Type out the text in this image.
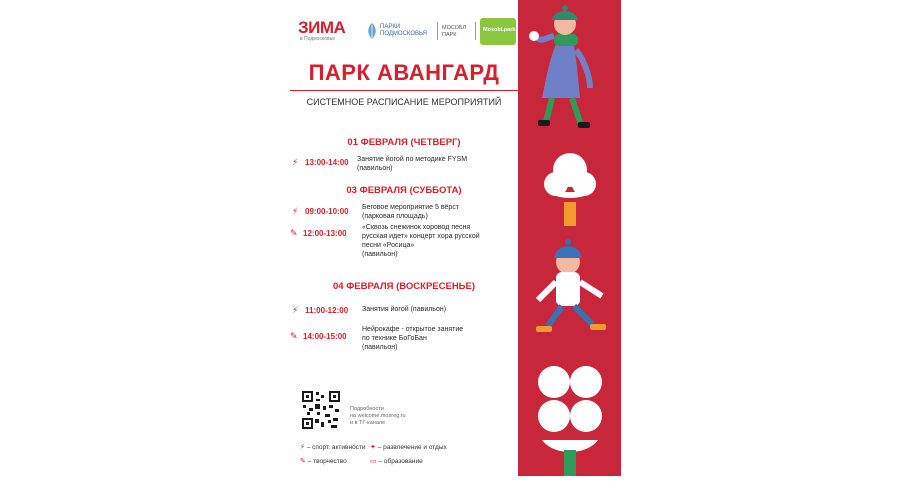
ЗИМА
в Подмосковье
ПАРКИ
ПОДМОСКОВЬЯ
МОСОБЛ
ПАРК
Mosobl.park
ПАРК АВАНГАРД
СИСТЕМНОЕ РАСПИСАНИЕ МЕРОПРИЯТИЙ
01 ФЕВРАЛЯ (ЧЕТВЕРГ)
⚡ 13:00-14:00 Занятие йогой по методике FYSM
(павильон)
03 ФЕВРАЛЯ (СУББОТА)
⚡ 09:00-10:00 Беговое мероприятие 5 вёрст
(парковая площадь)
✎ 12:00-13:00
«Сквозь снежинок хоровод песня
русская идет» концерт хора русской
песни «Росица»
(павильон)
04 ФЕВРАЛЯ (ВОСКРЕСЕНЬЕ)
⚡ 11:00-12:00 Занятия йогой (павильон)
✎ 14:00-15:00
Нейрокафе - открытое занятие
по технике БоГоБан
(павильон)
Подробности
на welcome.mosreg.ru
и в ТГ-канале
⚡ – спорт. активности ✦ – развлечение и отдых
✎ – творчество	▭ – образование
